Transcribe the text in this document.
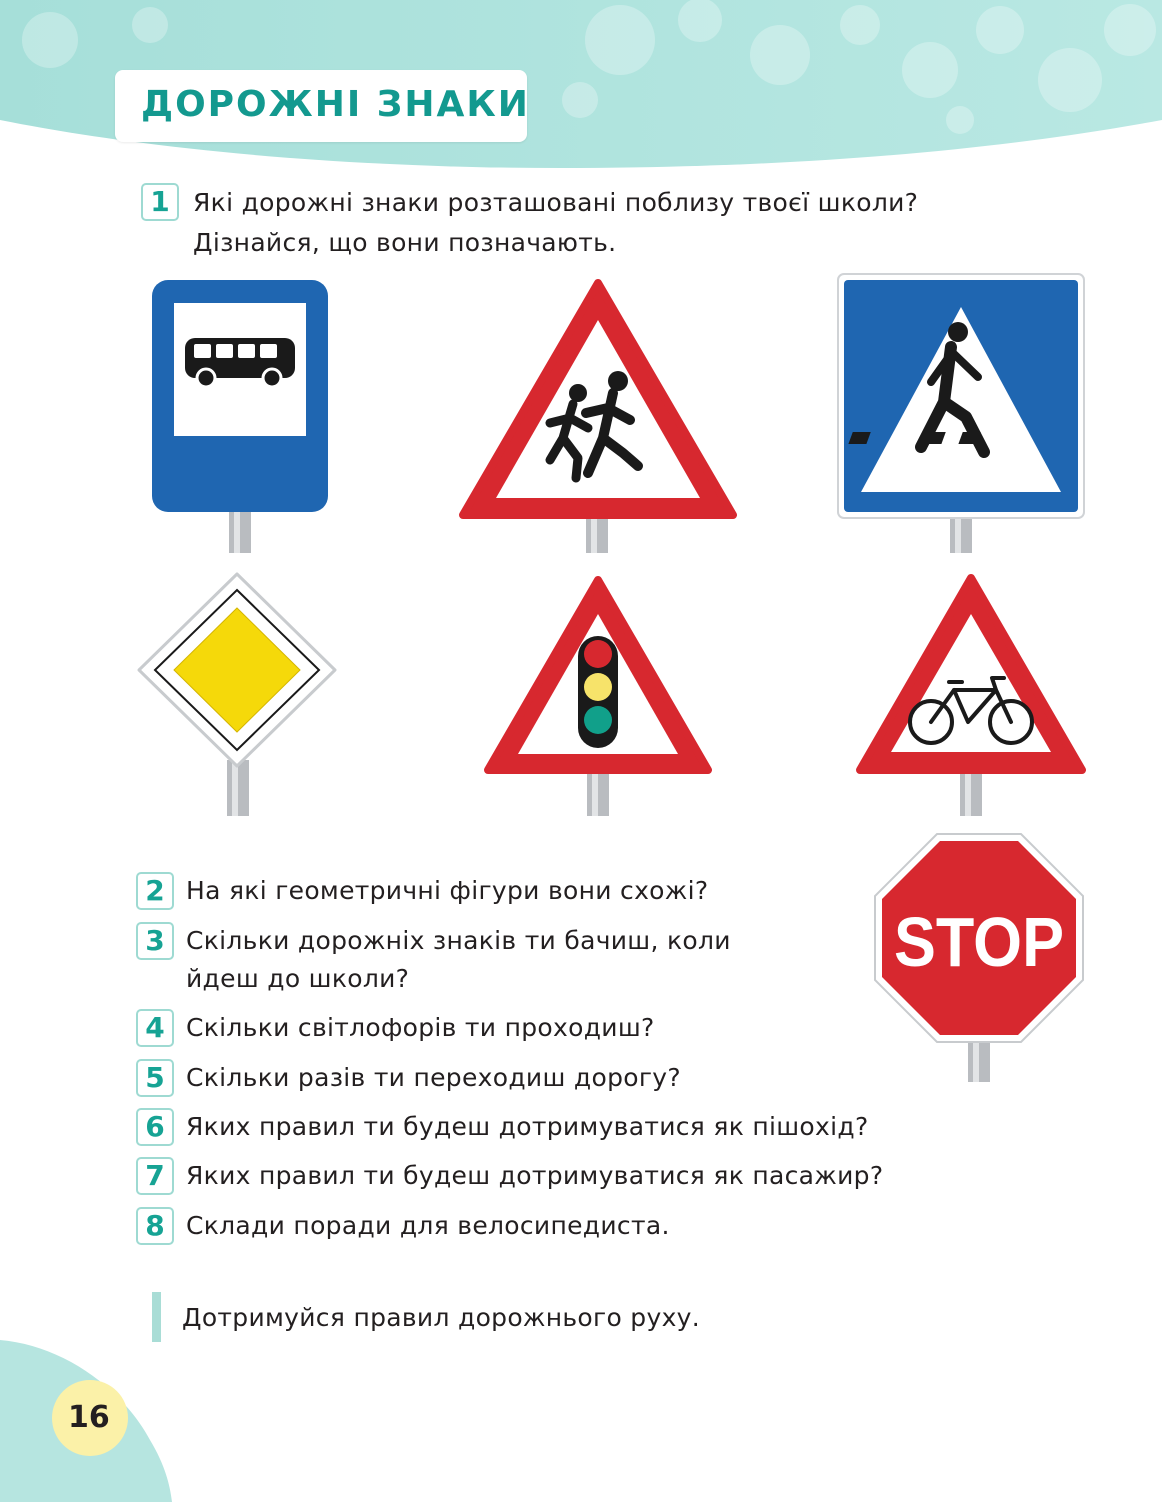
ДОРОЖНІ ЗНАКИ
1 Які дорожні знаки розташовані поблизу твоєї школи?
Дізнайся, що вони позначають.
STOP
2 На які геометричні фігури вони схожі?
3 Скільки дорожніх знаків ти бачиш, коли
йдеш до школи?
4 Скільки світлофорів ти проходиш?
5 Скільки разів ти переходиш дорогу?
6 Яких правил ти будеш дотримуватися як пішохід?
7 Яких правил ти будеш дотримуватися як пасажир?
8 Склади поради для велосипедиста.
Дотримуйся правил дорожнього руху.
16
